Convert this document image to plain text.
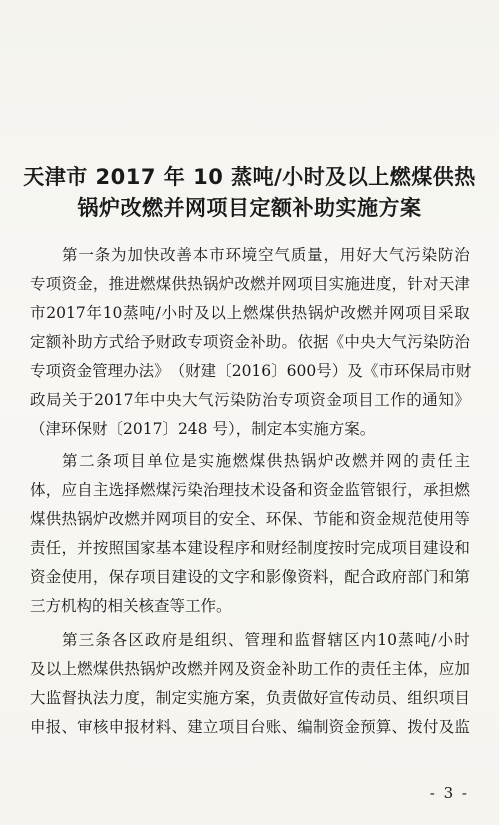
天津市 2017 年 10 蒸吨/小时及以上燃煤供热
锅炉改燃并网项目定额补助实施方案
第 一 条 为 加 快 改 善 本 市 环 境 空 气 质 量 ， 用 好 大 气 污 染 防 治
专 项 资 金 ， 推 进 燃 煤 供 热 锅 炉 改 燃 并 网 项 目 实 施 进 度 ， 针 对 天 津
市 2017 年 10 蒸 吨 / 小 时 及 以 上 燃 煤 供 热 锅 炉 改 燃 并 网 项 目 采 取
定 额 补 助 方 式 给 予 财 政 专 项 资 金 补 助 。 依 据 《 中 央 大 气 污 染 防 治
专 项 资 金 管 理 办 法 》 （ 财 建 〔 2016 〕 600 号 ） 及 《 市 环 保 局 市 财
政 局 关 于 2017 年 中 央 大 气 污 染 防 治 专 项 资 金 项 目 工 作 的 通 知 》
（津环保财〔2017〕248 号），制定本实施方案。
第 二 条 项 目 单 位 是 实 施 燃 煤 供 热 锅 炉 改 燃 并 网 的 责 任 主
体 ， 应 自 主 选 择 燃 煤 污 染 治 理 技 术 设 备 和 资 金 监 管 银 行 ， 承 担 燃
煤 供 热 锅 炉 改 燃 并 网 项 目 的 安 全 、 环 保 、 节 能 和 资 金 规 范 使 用 等
责 任 ， 并 按 照 国 家 基 本 建 设 程 序 和 财 经 制 度 按 时 完 成 项 目 建 设 和
资 金 使 用 ， 保 存 项 目 建 设 的 文 字 和 影 像 资 料 ， 配 合 政 府 部 门 和 第
三方机构的相关核查等工作。
第 三 条 各 区 政 府 是 组 织 、 管 理 和 监 督 辖 区 内 10 蒸 吨 / 小 时
及 以 上 燃 煤 供 热 锅 炉 改 燃 并 网 及 资 金 补 助 工 作 的 责 任 主 体 ， 应 加
大 监 督 执 法 力 度 ， 制 定 实 施 方 案 ， 负 责 做 好 宣 传 动 员 、 组 织 项 目
申 报 、 审 核 申 报 材 料 、 建 立 项 目 台 账 、 编 制 资 金 预 算 、 拨 付 及 监
- 3 -
